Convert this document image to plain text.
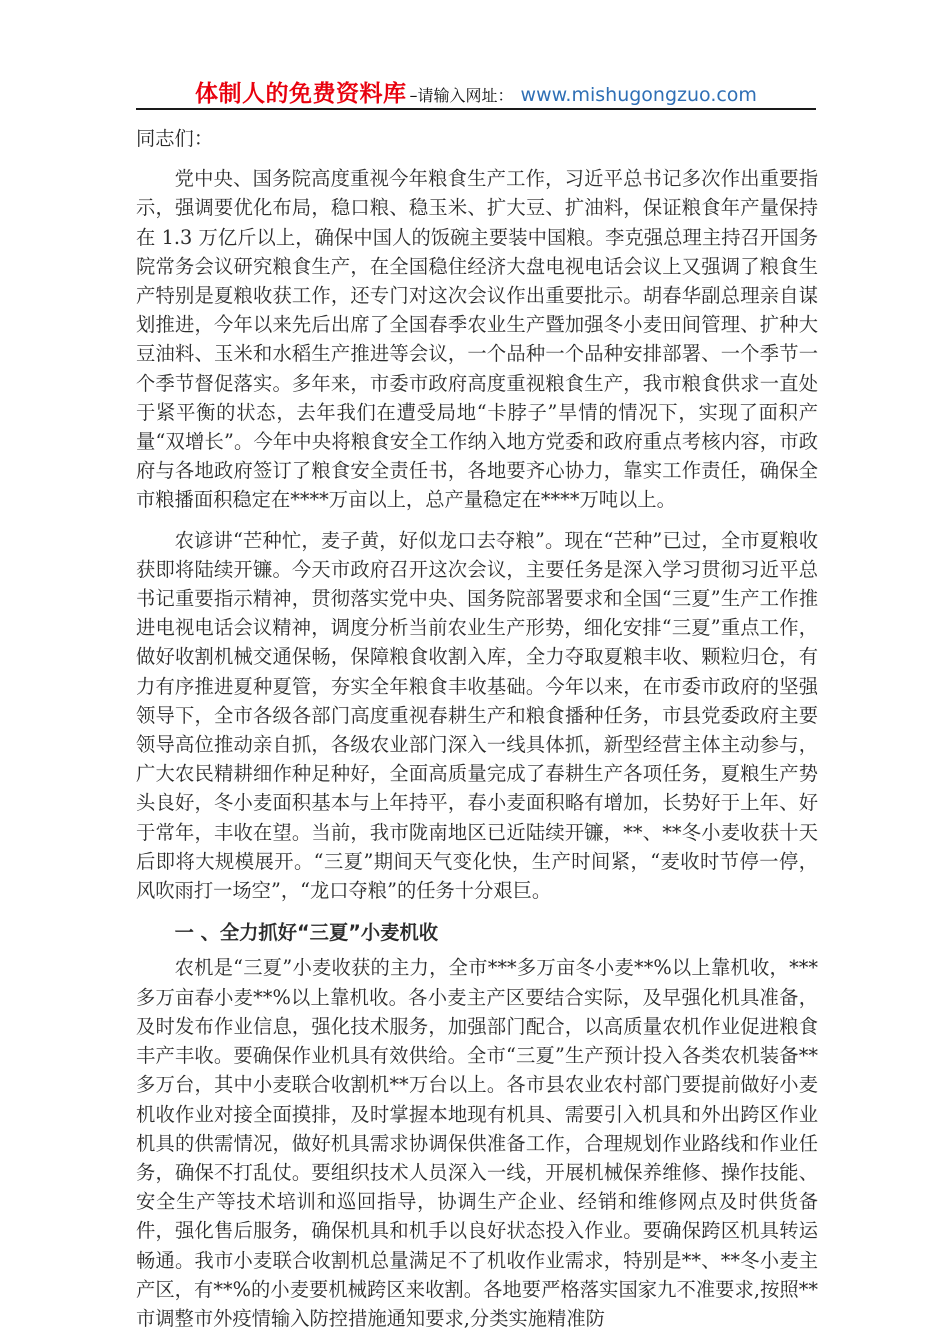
体制人的免费资料库 –请输入网址： www.mishugongzuo.com

同志们：

党中央、国务院高度重视今年粮食生产工作，习近平总书记多次作出重要指示，强调要优化布局，稳口粮、稳玉米、扩大豆、扩油料，保证粮食年产量保持在 1.3 万亿斤以上，确保中国人的饭碗主要装中国粮。李克强总理主持召开国务院常务会议研究粮食生产，在全国稳住经济大盘电视电话会议上又强调了粮食生产特别是夏粮收获工作，还专门对这次会议作出重要批示。胡春华副总理亲自谋划推进，今年以来先后出席了全国春季农业生产暨加强冬小麦田间管理、扩种大豆油料、玉米和水稻生产推进等会议，一个品种一个品种安排部署、一个季节一个季节督促落实。多年来，市委市政府高度重视粮食生产，我市粮食供求一直处于紧平衡的状态，去年我们在遭受局地“卡脖子”旱情的情况下，实现了面积产量“双增长”。今年中央将粮食安全工作纳入地方党委和政府重点考核内容，市政府与各地政府签订了粮食安全责任书，各地要齐心协力，靠实工作责任，确保全市粮播面积稳定在****万亩以上，总产量稳定在****万吨以上。

农谚讲“芒种忙，麦子黄，好似龙口去夺粮”。现在“芒种”已过，全市夏粮收获即将陆续开镰。今天市政府召开这次会议，主要任务是深入学习贯彻习近平总书记重要指示精神，贯彻落实党中央、国务院部署要求和全国“三夏”生产工作推进电视电话会议精神，调度分析当前农业生产形势，细化安排“三夏”重点工作，做好收割机械交通保畅，保障粮食收割入库，全力夺取夏粮丰收、颗粒归仓，有力有序推进夏种夏管，夯实全年粮食丰收基础。今年以来，在市委市政府的坚强领导下，全市各级各部门高度重视春耕生产和粮食播种任务，市县党委政府主要领导高位推动亲自抓，各级农业部门深入一线具体抓，新型经营主体主动参与，广大农民精耕细作种足种好，全面高质量完成了春耕生产各项任务，夏粮生产势头良好，冬小麦面积基本与上年持平，春小麦面积略有增加，长势好于上年、好于常年，丰收在望。当前，我市陇南地区已近陆续开镰，**、**冬小麦收获十天后即将大规模展开。“三夏”期间天气变化快，生产时间紧，“麦收时节停一停，风吹雨打一场空”，“龙口夺粮”的任务十分艰巨。

一 、全力抓好“三夏”小麦机收

农机是“三夏”小麦收获的主力，全市***多万亩冬小麦**%以上靠机收，***多万亩春小麦**%以上靠机收。各小麦主产区要结合实际，及早强化机具准备，及时发布作业信息，强化技术服务，加强部门配合，以高质量农机作业促进粮食丰产丰收。要确保作业机具有效供给。全市“三夏”生产预计投入各类农机装备**多万台，其中小麦联合收割机**万台以上。各市县农业农村部门要提前做好小麦机收作业对接全面摸排，及时掌握本地现有机具、需要引入机具和外出跨区作业机具的供需情况，做好机具需求协调保供准备工作，合理规划作业路线和作业任务，确保不打乱仗。要组织技术人员深入一线，开展机械保养维修、操作技能、安全生产等技术培训和巡回指导，协调生产企业、经销和维修网点及时供货备件，强化售后服务，确保机具和机手以良好状态投入作业。要确保跨区机具转运畅通。我市小麦联合收割机总量满足不了机收作业需求，特别是**、**冬小麦主产区，有**%的小麦要机械跨区来收割。各地要严格落实国家九不准要求,按照**市调整市外疫情输入防控措施通知要求,分类实施精准防
